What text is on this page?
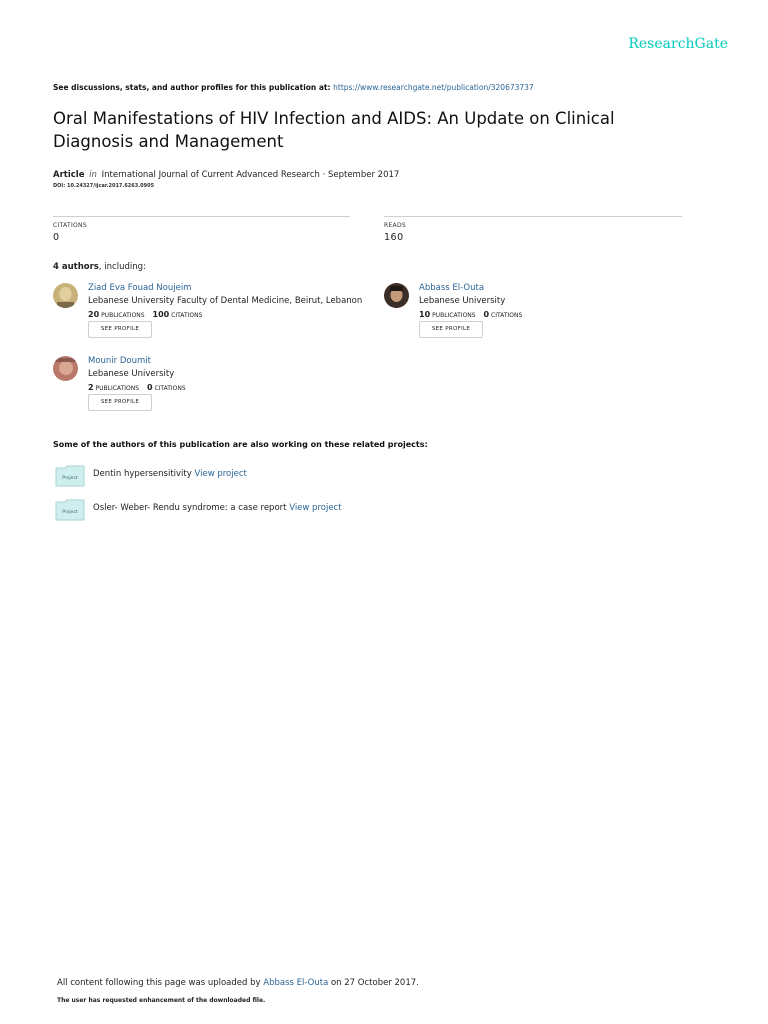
ResearchGate
See discussions, stats, and author profiles for this publication at: https://www.researchgate.net/publication/320673737
Oral Manifestations of HIV Infection and AIDS: An Update on Clinical Diagnosis and Management
Article in International Journal of Current Advanced Research · September 2017
DOI: 10.24327/ijcar.2017.6263.0905
CITATIONS
0
READS
160
4 authors, including:
Ziad Eva Fouad Noujeim
Lebanese University Faculty of Dental Medicine, Beirut, Lebanon
20 PUBLICATIONS 100 CITATIONS
SEE PROFILE
Abbass El-Outa
Lebanese University
10 PUBLICATIONS 0 CITATIONS
SEE PROFILE
Mounir Doumit
Lebanese University
2 PUBLICATIONS 0 CITATIONS
SEE PROFILE
Some of the authors of this publication are also working on these related projects:
Project Dentin hypersensitivity View project
Project Osler- Weber- Rendu syndrome: a case report View project
All content following this page was uploaded by Abbass El-Outa on 27 October 2017.
The user has requested enhancement of the downloaded file.
